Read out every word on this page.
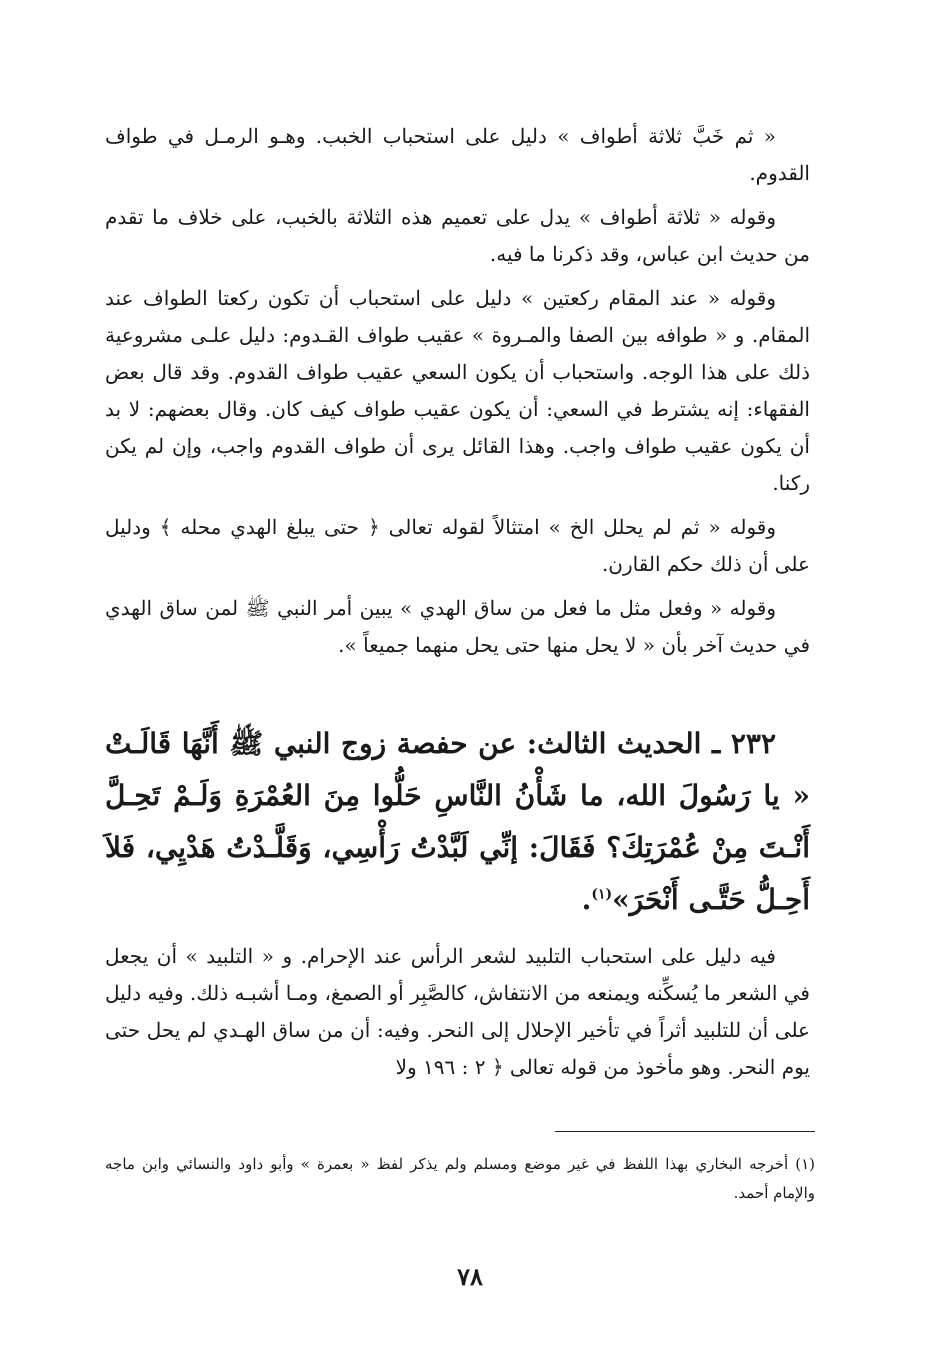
« ثم خَبَّ ثلاثة أطواف » دليل على استحباب الخبب. وهـو الرمـل في طواف القدوم.

وقوله « ثلاثة أطواف » يدل على تعميم هذه الثلاثة بالخبب، على خلاف ما تقدم من حديث ابن عباس، وقد ذكرنا ما فيه.

وقوله « عند المقام ركعتين » دليل على استحباب أن تكون ركعتا الطواف عند المقام. و « طوافه بين الصفا والمـروة » عقيب طواف القـدوم: دليل علـى مشروعية ذلك على هذا الوجه. واستحباب أن يكون السعي عقيب طواف القدوم. وقد قال بعض الفقهاء: إنه يشترط في السعي: أن يكون عقيب طواف كيف كان. وقال بعضهم: لا بد أن يكون عقيب طواف واجب. وهذا القائل يرى أن طواف القدوم واجب، وإن لم يكن ركنا.

وقوله « ثم لم يحلل الخ » امتثالاً لقوله تعالى ﴿ حتى يبلغ الهدي محله ﴾ ودليل على أن ذلك حكم القارن.

وقوله « وفعل مثل ما فعل من ساق الهدي » يبين أمر النبي ﷺ لمن ساق الهدي في حديث آخر بأن « لا يحل منها حتى يحل منهما جميعاً ».

٢٣٢ ـ الحديث الثالث: عن حفصة زوج النبي ﷺ أَنَّهَا قَالَـتْ « يا رَسُولَ الله، ما شَأْنُ النَّاسِ حَلُّوا مِنَ العُمْرَةِ وَلَـمْ تَحِـلَّ أَنْـتَ مِنْ عُمْرَتِكَ؟ فَقَالَ: إنِّي لَبَّدْتُ رَأْسِي، وَقَلَّـدْتُ هَدْيِي، فَلاَ أَحِـلُّ حَتَّـى أَنْحَرَ»$^{(١)}$.

فيه دليل على استحباب التلبيد لشعر الرأس عند الإحرام. و « التلبيد » أن يجعل في الشعر ما يُسكِّنه ويمنعه من الانتفاش، كالصَّبِر أو الصمغ، ومـا أشبـه ذلك. وفيه دليل على أن للتلبيد أثراً في تأخير الإحلال إلى النحر. وفيه: أن من ساق الهـدي لم يحل حتى يوم النحر. وهو مأخوذ من قوله تعالى ﴿ ٢ : ١٩٦ ولا

(١) أخرجه البخاري بهذا اللفظ في غير موضع ومسلم ولم يذكر لفظ « بعمرة » وأبو داود والنسائي وابن ماجه والإمام أحمد.

٧٨
